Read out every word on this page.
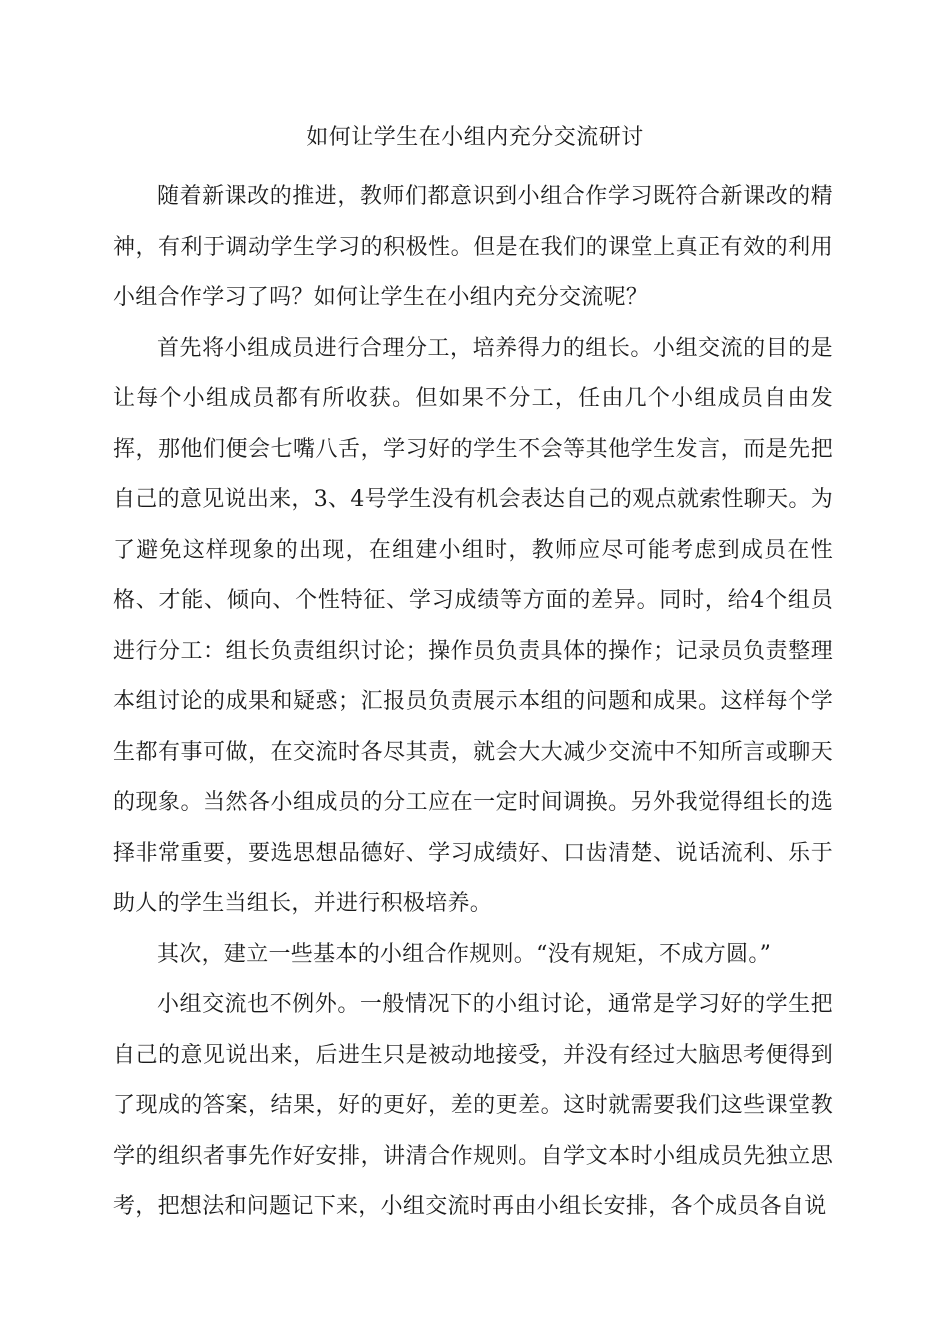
如何让学生在小组内充分交流研讨

随着新课改的推进，教师们都意识到小组合作学习既符合新课改的精神，有利于调动学生学习的积极性。但是在我们的课堂上真正有效的利用小组合作学习了吗？如何让学生在小组内充分交流呢？

首先将小组成员进行合理分工，培养得力的组长。小组交流的目的是让每个小组成员都有所收获。但如果不分工，任由几个小组成员自由发挥，那他们便会七嘴八舌，学习好的学生不会等其他学生发言，而是先把自己的意见说出来，3、4号学生没有机会表达自己的观点就索性聊天。为了避免这样现象的出现，在组建小组时，教师应尽可能考虑到成员在性格、才能、倾向、个性特征、学习成绩等方面的差异。同时，给4个组员进行分工：组长负责组织讨论；操作员负责具体的操作；记录员负责整理本组讨论的成果和疑惑；汇报员负责展示本组的问题和成果。这样每个学生都有事可做，在交流时各尽其责，就会大大减少交流中不知所言或聊天的现象。当然各小组成员的分工应在一定时间调换。另外我觉得组长的选择非常重要，要选思想品德好、学习成绩好、口齿清楚、说话流利、乐于助人的学生当组长，并进行积极培养。

其次，建立一些基本的小组合作规则。“没有规矩，不成方圆。”

小组交流也不例外。一般情况下的小组讨论，通常是学习好的学生把自己的意见说出来，后进生只是被动地接受，并没有经过大脑思考便得到了现成的答案，结果，好的更好，差的更差。这时就需要我们这些课堂教学的组织者事先作好安排，讲清合作规则。自学文本时小组成员先独立思考，把想法和问题记下来，小组交流时再由小组长安排，各个成员各自说
